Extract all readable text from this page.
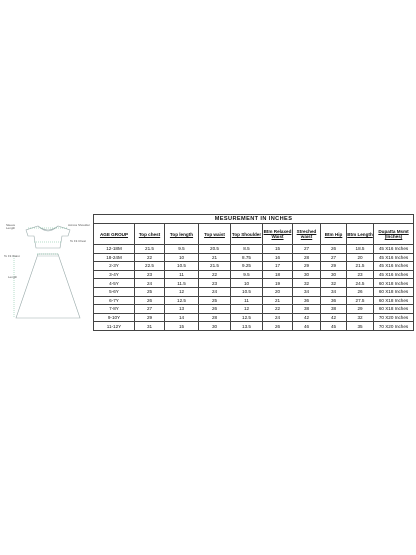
Sleeve Length
Across Shoulder
To Fit Chest
To Fit Waist
Length
MESUREMENT IN INCHES									
AGE GROUP	Top chest	Top length	Top waist	Top Shoulder	Btm Relaxed Waist	Streched waist	Btm Hip	Btm Length	Dupatta Msmt (Inches)
12-18M	21.5	9.5	20.5	8.5	15	27	26	18.5	45 X16 Inches
18-24M	22	10	21	8.75	16	28	27	20	45 X16 Inches
2-3Y	22.5	10.5	21.5	9.25	17	29	29	21.5	45 X16 Inches
3-4Y	23	11	22	9.5	18	30	30	23	45 X16 Inches
4-5Y	24	11.5	23	10	19	32	32	24.5	60 X18 Inches
5-6Y	25	12	24	10.5	20	34	34	26	60 X18 Inches
6-7Y	26	12.5	25	11	21	36	36	27.5	60 X18 Inches
7-8Y	27	13	26	12	22	38	38	29	60 X18 Inches
9-10Y	29	14	28	12.5	24	42	42	32	70 X20 Inches
11-12Y	31	15	30	13.5	26	46	45	35	70 X20 Inches
